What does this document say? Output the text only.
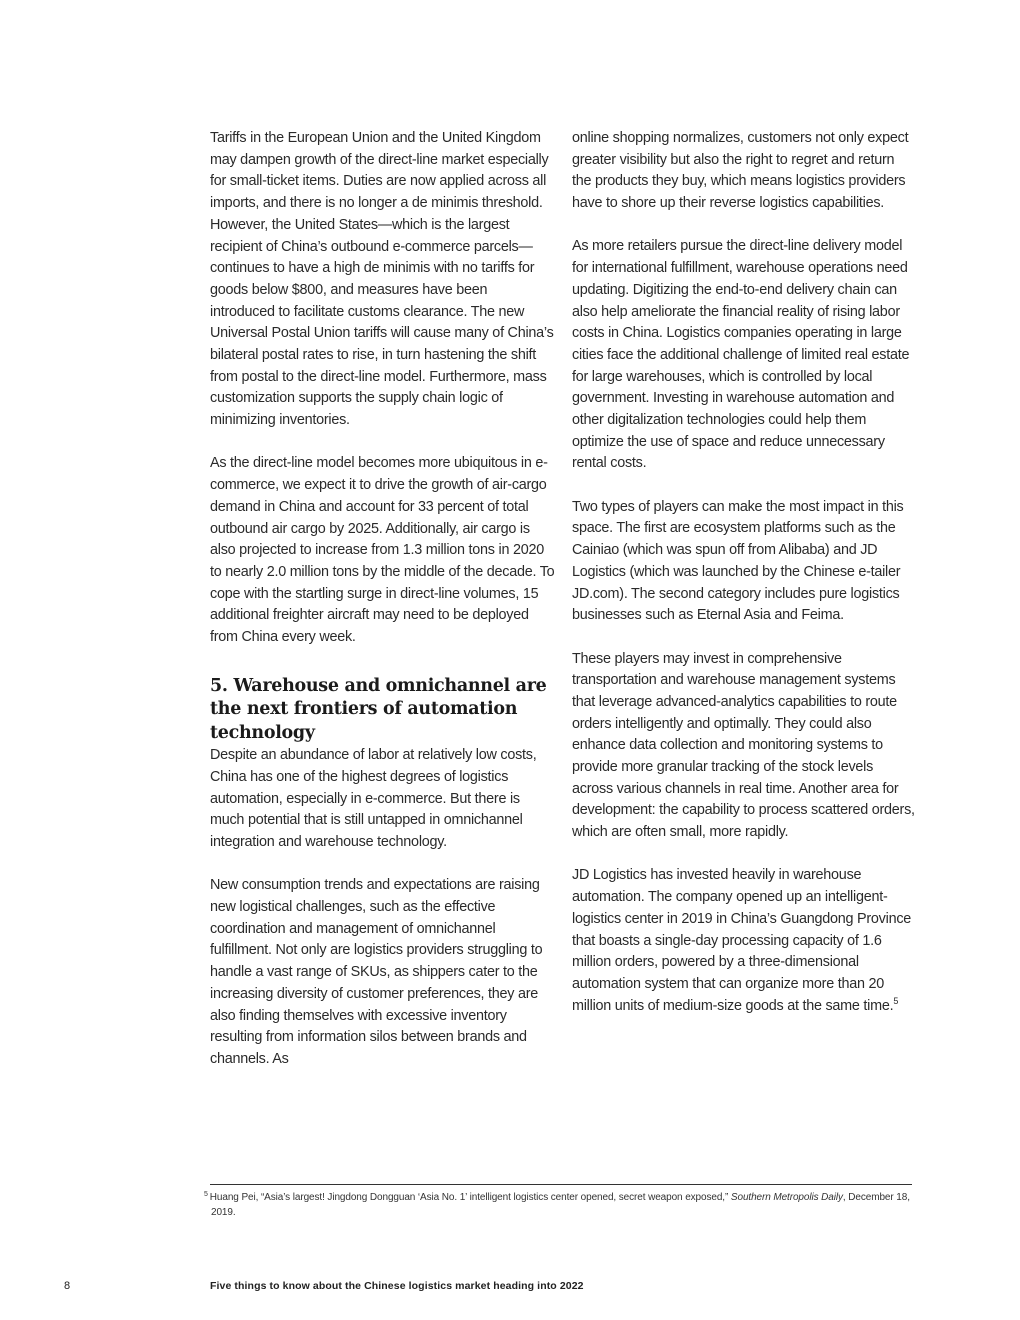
Tariffs in the European Union and the United Kingdom may dampen growth of the direct-line market especially for small-ticket items. Duties are now applied across all imports, and there is no longer a de minimis threshold. However, the United States—which is the largest recipient of China’s outbound e-commerce parcels—continues to have a high de minimis with no tariffs for goods below $800, and measures have been introduced to facilitate customs clearance. The new Universal Postal Union tariffs will cause many of China’s bilateral postal rates to rise, in turn hastening the shift from postal to the direct-line model. Furthermore, mass customization supports the supply chain logic of minimizing inventories.

As the direct-line model becomes more ubiquitous in e-commerce, we expect it to drive the growth of air-cargo demand in China and account for 33 percent of total outbound air cargo by 2025. Additionally, air cargo is also projected to increase from 1.3 million tons in 2020 to nearly 2.0 million tons by the middle of the decade. To cope with the startling surge in direct-line volumes, 15 additional freighter aircraft may need to be deployed from China every week.

5. Warehouse and omnichannel are the next frontiers of automation technology

Despite an abundance of labor at relatively low costs, China has one of the highest degrees of logistics automation, especially in e-commerce. But there is much potential that is still untapped in omnichannel integration and warehouse technology.

New consumption trends and expectations are raising new logistical challenges, such as the effective coordination and management of omnichannel fulfillment. Not only are logistics providers struggling to handle a vast range of SKUs, as shippers cater to the increasing diversity of customer preferences, they are also finding themselves with excessive inventory resulting from information silos between brands and channels. As

online shopping normalizes, customers not only expect greater visibility but also the right to regret and return the products they buy, which means logistics providers have to shore up their reverse logistics capabilities.

As more retailers pursue the direct-line delivery model for international fulfillment, warehouse operations need updating. Digitizing the end-to-end delivery chain can also help ameliorate the financial reality of rising labor costs in China. Logistics companies operating in large cities face the additional challenge of limited real estate for large warehouses, which is controlled by local government. Investing in warehouse automation and other digitalization technologies could help them optimize the use of space and reduce unnecessary rental costs.

Two types of players can make the most impact in this space. The first are ecosystem platforms such as the Cainiao (which was spun off from Alibaba) and JD Logistics (which was launched by the Chinese e-tailer JD.com). The second category includes pure logistics businesses such as Eternal Asia and Feima.

These players may invest in comprehensive transportation and warehouse management systems that leverage advanced-analytics capabilities to route orders intelligently and optimally. They could also enhance data collection and monitoring systems to provide more granular tracking of the stock levels across various channels in real time. Another area for development: the capability to process scattered orders, which are often small, more rapidly.

JD Logistics has invested heavily in warehouse automation. The company opened up an intelligent-logistics center in 2019 in China’s Guangdong Province that boasts a single-day processing capacity of 1.6 million orders, powered by a three-dimensional automation system that can organize more than 20 million units of medium-size goods at the same time.$^5$

$^5$ Huang Pei, “Asia’s largest! Jingdong Dongguan ‘Asia No. 1’ intelligent logistics center opened, secret weapon exposed,” Southern Metropolis Daily, December 18, 2019.

8	Five things to know about the Chinese logistics market heading into 2022
